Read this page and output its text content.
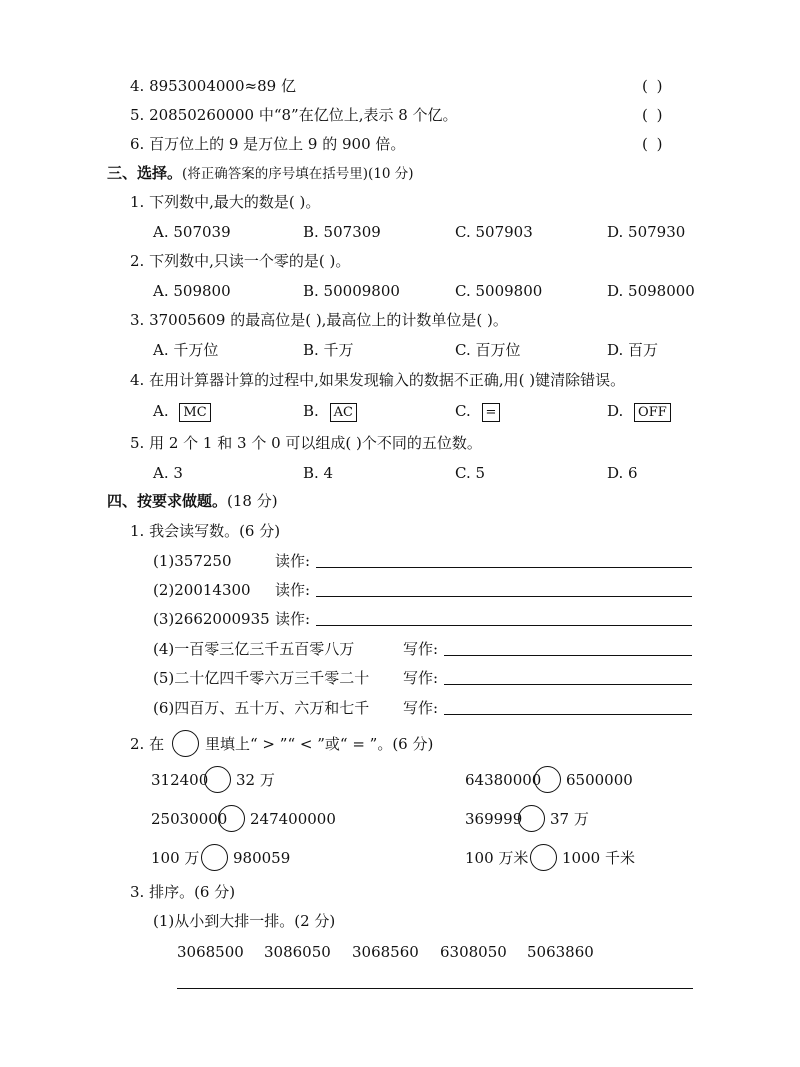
4. 8953004000≈89 亿	( )
5. 20850260000 中“8”在亿位上,表示 8 个亿。	( )
6. 百万位上的 9 是万位上 9 的 900 倍。	( )
三、选择。(将正确答案的序号填在括号里)(10 分)
1. 下列数中,最大的数是( )。
A. 507039	B. 507309	C. 507903	D. 507930
2. 下列数中,只读一个零的是( )。
A. 509800	B. 50009800	C. 5009800	D. 5098000
3. 37005609 的最高位是( ),最高位上的计数单位是( )。
A. 千万位	B. 千万	C. 百万位	D. 百万
4. 在用计算器计算的过程中,如果发现输入的数据不正确,用( )键清除错误。
A. MC	B. AC	C. =	D. OFF
5. 用 2 个 1 和 3 个 0 可以组成( )个不同的五位数。
A. 3	B. 4	C. 5	D. 6
四、按要求做题。(18 分)
1. 我会读写数。(6 分)
(1)357250	读作:
(2)20014300 读作:
(3)2662000935 读作:
(4)一百零三亿三千五百零八万	写作:
(5)二十亿四千零六万三千零二十 写作:
(6)四百万、五十万、六万和七千 写作:
2. 在	里填上“ > ”“ < ”或“ = ”。(6 分)
312400 32 万	64380000 6500000
25030000 247400000	369999 37 万
100 万 980059	100 万米 1000 千米
3. 排序。(6 分)
(1)从小到大排一排。(2 分)
3068500 3086050 3068560 6308050 5063860
